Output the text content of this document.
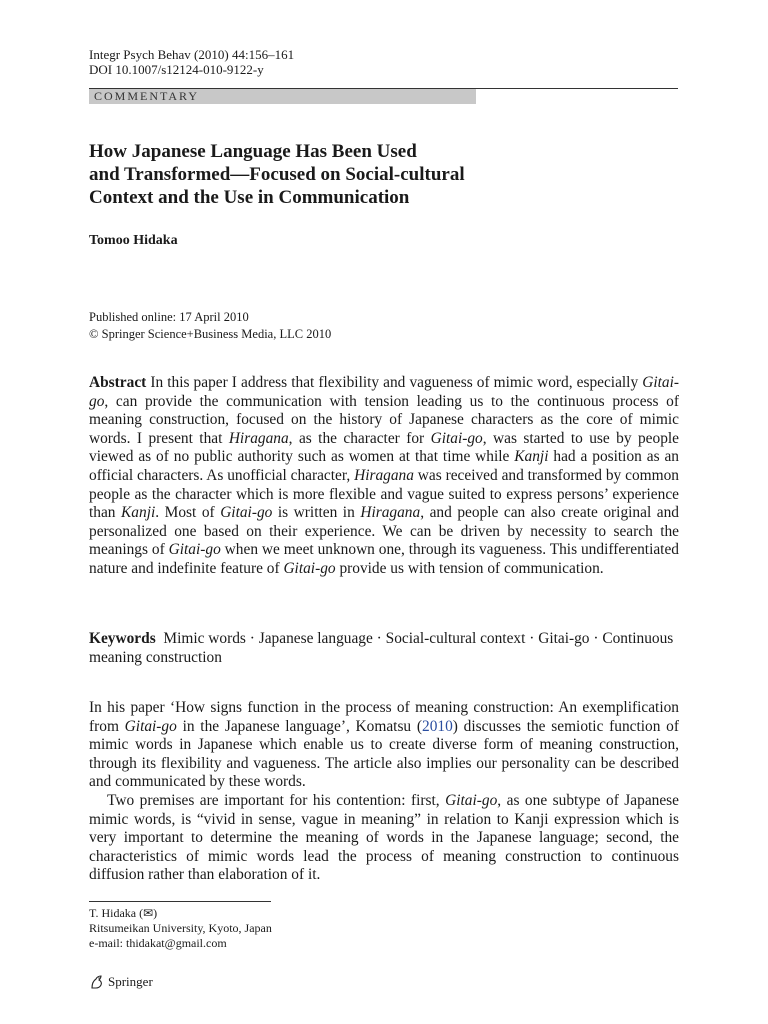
Integr Psych Behav (2010) 44:156–161
DOI 10.1007/s12124-010-9122-y
COMMENTARY
How Japanese Language Has Been Used
and Transformed—Focused on Social-cultural
Context and the Use in Communication
Tomoo Hidaka
Published online: 17 April 2010
© Springer Science+Business Media, LLC 2010

Abstract In this paper I address that flexibility and vagueness of mimic word, especially Gitai-go, can provide the communication with tension leading us to the continuous process of meaning construction, focused on the history of Japanese characters as the core of mimic words. I present that Hiragana, as the character for Gitai-go, was started to use by people viewed as of no public authority such as women at that time while Kanji had a position as an official characters. As unofficial character, Hiragana was received and transformed by common people as the character which is more flexible and vague suited to express persons’ experience than Kanji. Most of Gitai-go is written in Hiragana, and people can also create original and personalized one based on their experience. We can be driven by necessity to search the meanings of Gitai-go when we meet unknown one, through its vagueness. This undifferentiated nature and indefinite feature of Gitai-go provide us with tension of communication.

Keywords  Mimic words · Japanese language · Social-cultural context · Gitai-go · Continuous meaning construction

In his paper ‘How signs function in the process of meaning construction: An exemplification from Gitai-go in the Japanese language’, Komatsu (2010) discusses the semiotic function of mimic words in Japanese which enable us to create diverse form of meaning construction, through its flexibility and vagueness. The article also implies our personality can be described and communicated by these words.

Two premises are important for his contention: first, Gitai-go, as one subtype of Japanese mimic words, is “vivid in sense, vague in meaning” in relation to Kanji expression which is very important to determine the meaning of words in the Japanese language; second, the characteristics of mimic words lead the process of meaning construction to continuous diffusion rather than elaboration of it.

T. Hidaka (✉)
Ritsumeikan University, Kyoto, Japan
e-mail: thidakat@gmail.com
Springer
